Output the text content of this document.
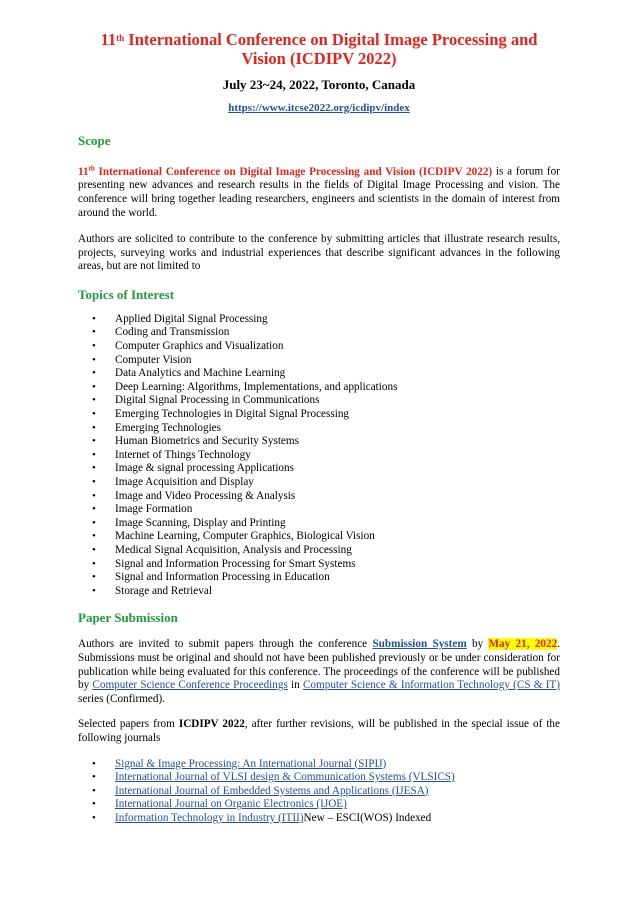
11th International Conference on Digital Image Processing and
Vision (ICDIPV 2022)
July 23~24, 2022, Toronto, Canada
https://www.itcse2022.org/icdipv/index
Scope

11th International Conference on Digital Image Processing and Vision (ICDIPV 2022) is a forum for presenting new advances and research results in the fields of Digital Image Processing and vision. The conference will bring together leading researchers, engineers and scientists in the domain of interest from around the world.

Authors are solicited to contribute to the conference by submitting articles that illustrate research results, projects, surveying works and industrial experiences that describe significant advances in the following areas, but are not limited to

Topics of Interest
• Applied Digital Signal Processing
• Coding and Transmission
• Computer Graphics and Visualization
• Computer Vision
• Data Analytics and Machine Learning
• Deep Learning: Algorithms, Implementations, and applications
• Digital Signal Processing in Communications
• Emerging Technologies in Digital Signal Processing
• Emerging Technologies
• Human Biometrics and Security Systems
• Internet of Things Technology
• Image & signal processing Applications
• Image Acquisition and Display
• Image and Video Processing & Analysis
• Image Formation
• Image Scanning, Display and Printing
• Machine Learning, Computer Graphics, Biological Vision
• Medical Signal Acquisition, Analysis and Processing
• Signal and Information Processing for Smart Systems
• Signal and Information Processing in Education
• Storage and Retrieval
Paper Submission

Authors are invited to submit papers through the conference Submission System by May 21, 2022. Submissions must be original and should not have been published previously or be under consideration for publication while being evaluated for this conference. The proceedings of the conference will be published by Computer Science Conference Proceedings in Computer Science & Information Technology (CS & IT) series (Confirmed).

Selected papers from ICDIPV 2022, after further revisions, will be published in the special issue of the following journals

• Signal & Image Processing: An International Journal (SIPIJ)
• International Journal of VLSI design & Communication Systems (VLSICS)
• International Journal of Embedded Systems and Applications (IJESA)
• International Journal on Organic Electronics (IJOE)
• Information Technology in Industry (ITII)New – ESCI(WOS) Indexed
